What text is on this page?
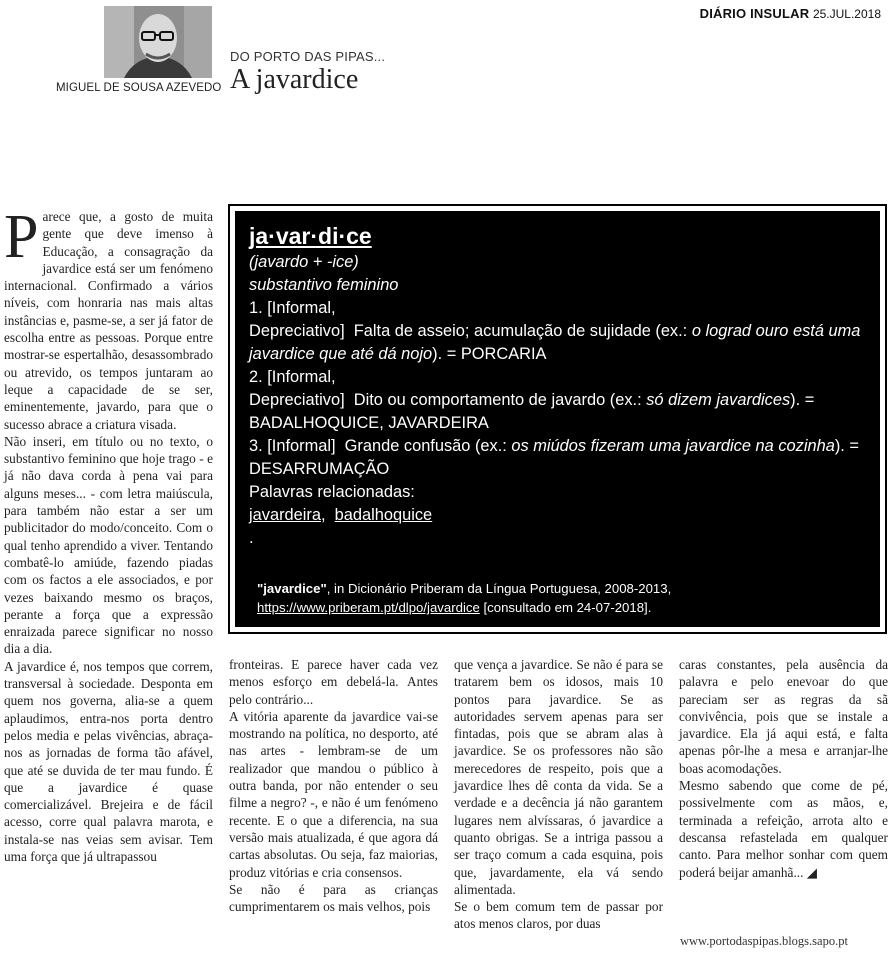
DIÁRIO INSULAR 25.JUL.2018
MIGUEL DE SOUSA AZEVEDO
DO PORTO DAS PIPAS...
A javardice
P arece que, a gosto de muita gente que deve imenso à Educação, a consagração da javardice está ser um fenómeno internacional. Confirmado a vários níveis, com honraria nas mais altas instâncias e, pasme-se, a ser já fator de escolha entre as pessoas. Porque entre mostrar-se espertalhão, desassombrado ou atrevido, os tempos juntaram ao leque a capacidade de se ser, eminentemente, javardo, para que o sucesso abrace a criatura visada.

Não inseri, em título ou no texto, o substantivo feminino que hoje trago - e já não dava corda à pena vai para alguns meses... - com letra maiúscula, para também não estar a ser um publicitador do modo/conceito. Com o qual tenho aprendido a viver. Tentando combatê-lo amiúde, fazendo piadas com os factos a ele associados, e por vezes baixando mesmo os braços, perante a força que a expressão enraizada parece significar no nosso dia a dia.

A javardice é, nos tempos que correm, transversal à sociedade. Desponta em quem nos governa, alia-se a quem aplaudimos, entra-nos porta dentro pelos media e pelas vivências, abraça-nos as jornadas de forma tão afável, que até se duvida de ter mau fundo. É que a javardice é quase comercializável. Brejeira e de fácil acesso, corre qual palavra marota, e instala-se nas veias sem avisar. Tem uma força que já ultrapassou

ja·var·di·ce
(javardo + -ice)
substantivo feminino
1. [Informal,
Depreciativo] Falta de asseio; acumulação de sujidade (ex.: o lograd ouro está uma javardice que até dá nojo). = PORCARIA
2. [Informal,
Depreciativo] Dito ou comportamento de javardo (ex.: só dizem javardices). = BADALHOQUICE, JAVARDEIRA
3. [Informal] Grande confusão (ex.: os miúdos fizeram uma javardice na cozinha). = DESARRUMAÇÃO
Palavras relacionadas:
javardeira,  badalhoquice
.
"javardice", in Dicionário Priberam da Língua Portuguesa, 2008-2013, https://www.priberam.pt/dlpo/javardice [consultado em 24-07-2018].

fronteiras. E parece haver cada vez menos esforço em debelá-la. Antes pelo contrário...

A vitória aparente da javardice vai-se mostrando na política, no desporto, até nas artes - lembram-se de um realizador que mandou o público à outra banda, por não entender o seu filme a negro? -, e não é um fenómeno recente. E o que a diferencia, na sua versão mais atualizada, é que agora dá cartas absolutas. Ou seja, faz maiorias, produz vitórias e cria consensos.

Se não é para as crianças cumprimentarem os mais velhos, pois

que vença a javardice. Se não é para se tratarem bem os idosos, mais 10 pontos para javardice. Se as autoridades servem apenas para ser fintadas, pois que se abram alas à javardice. Se os professores não são merecedores de respeito, pois que a javardice lhes dê conta da vida. Se a verdade e a decência já não garantem lugares nem alvíssaras, ó javardice a quanto obrigas. Se a intriga passou a ser traço comum a cada esquina, pois que, javardamente, ela vá sendo alimentada.

Se o bem comum tem de passar por atos menos claros, por duas

caras constantes, pela ausência da palavra e pelo enevoar do que pareciam ser as regras da sã convivência, pois que se instale a javardice. Ela já aqui está, e falta apenas pôr-lhe a mesa e arranjar-lhe boas acomodações.

Mesmo sabendo que come de pé, possivelmente com as mãos, e, terminada a refeição, arrota alto e descansa refastelada em qualquer canto. Para melhor sonhar com quem poderá beijar amanhã... ◢

www.portodaspipas.blogs.sapo.pt
